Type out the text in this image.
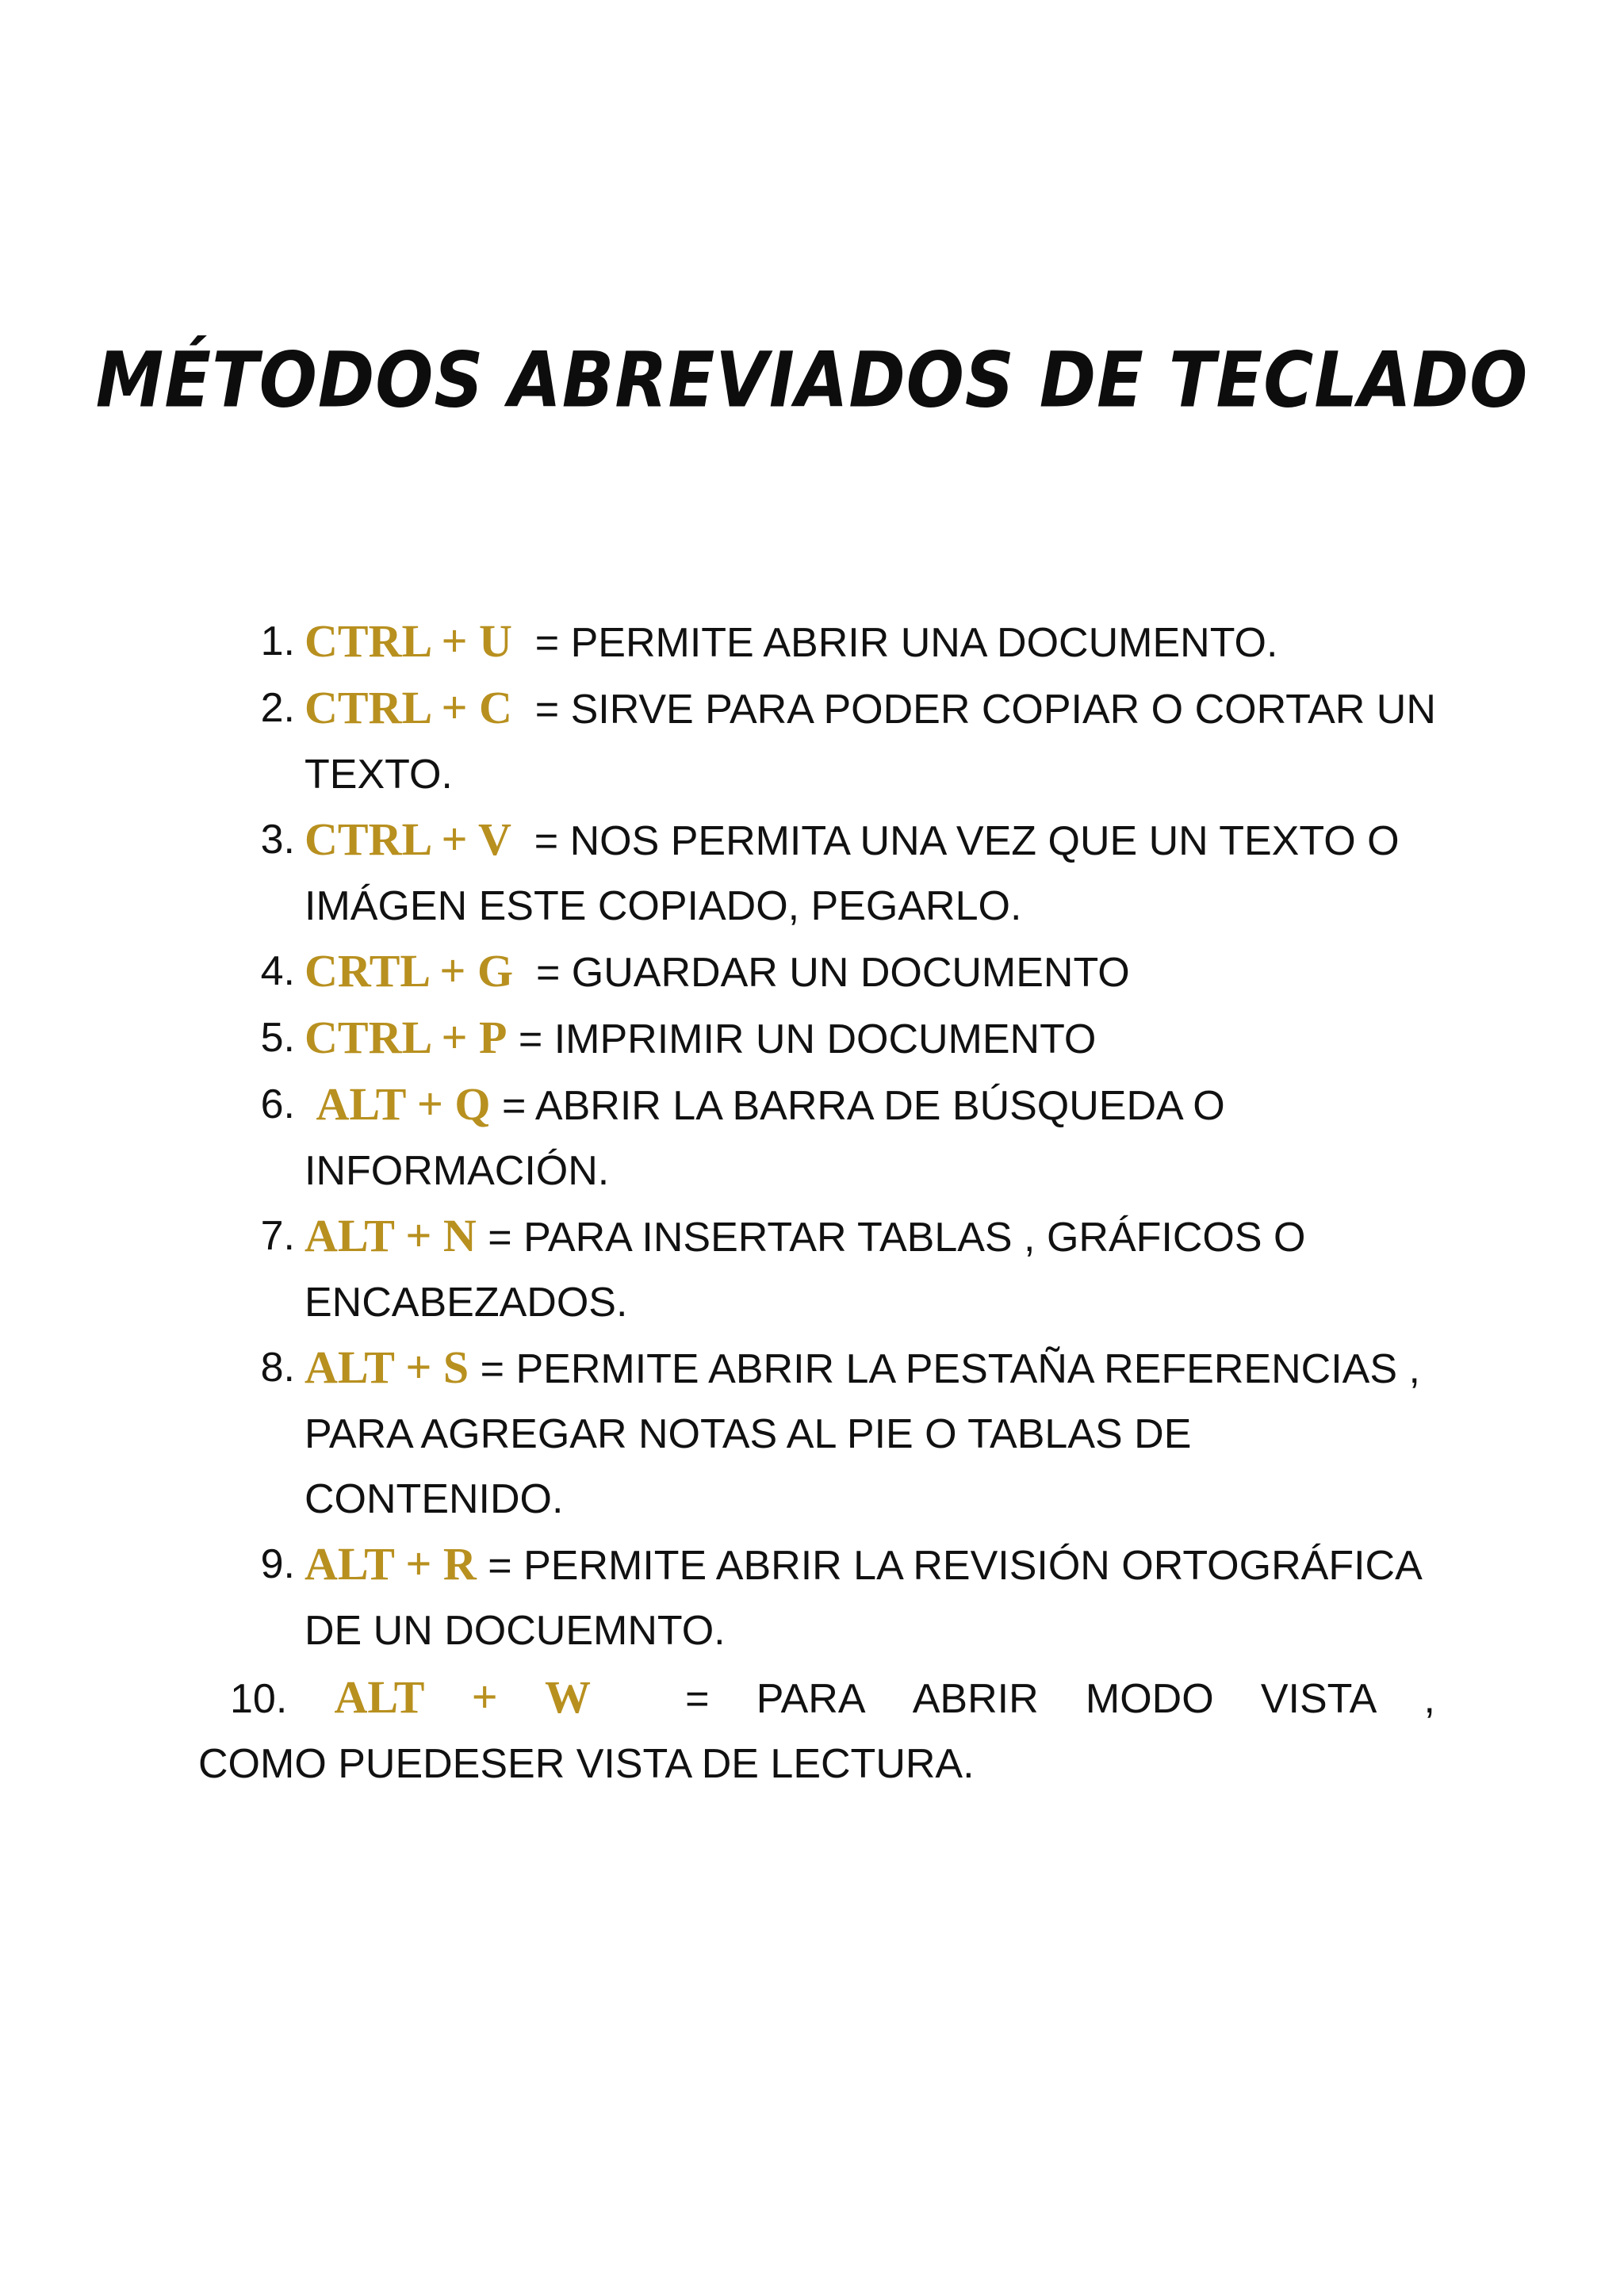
MÉTODOS ABREVIADOS DE TECLADO
1. CTRL + U = PERMITE ABRIR UNA DOCUMENTO.
2. CTRL + C = SIRVE PARA PODER COPIAR O CORTAR UN TEXTO.
3. CTRL + V = NOS PERMITA UNA VEZ QUE UN TEXTO O IMÁGEN ESTE COPIADO, PEGARLO.
4. CRTL + G = GUARDAR UN DOCUMENTO
5. CTRL + P = IMPRIMIR UN DOCUMENTO
6. ALT + Q = ABRIR LA BARRA DE BÚSQUEDA O INFORMACIÓN.
7. ALT + N = PARA INSERTAR TABLAS , GRÁFICOS O ENCABEZADOS.
8. ALT + S = PERMITE ABRIR LA PESTAÑA REFERENCIAS , PARA AGREGAR NOTAS AL PIE O TABLAS DE CONTENIDO.
9. ALT + R = PERMITE ABRIR LA REVISIÓN ORTOGRÁFICA DE UN DOCUEMNTO.
10. ALT + W = PARA ABRIR MODO VISTA ,
COMO PUEDESER VISTA DE LECTURA.
